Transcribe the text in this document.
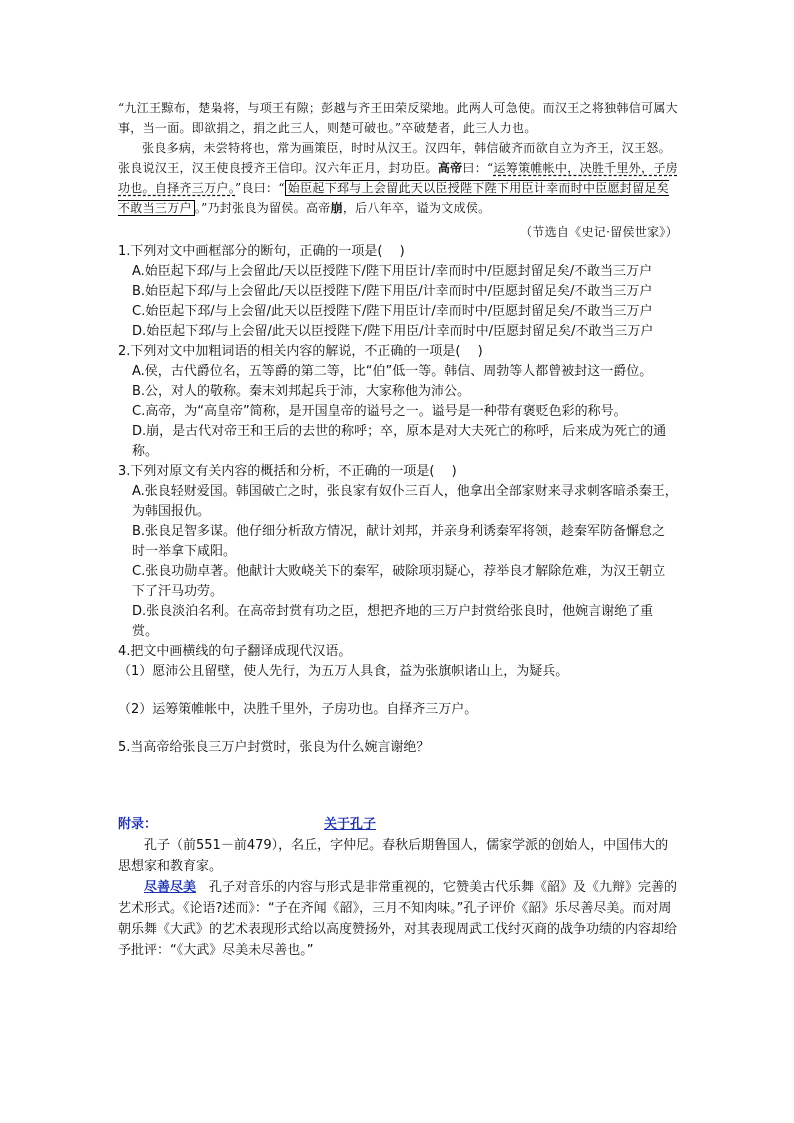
“九江王黥布，楚枭将，与项王有隙；彭越与齐王田荣反梁地。此两人可急使。而汉王之将独韩信可属大事，当一面。即欲捐之，捐之此三人，则楚可破也。”卒破楚者，此三人力也。

张良多病，未尝特将也，常为画策臣，时时从汉王。汉四年，韩信破齐而欲自立为齐王，汉王怒。张良说汉王，汉王使良授齐王信印。汉六年正月，封功臣。高帝曰：“运筹策帷帐中，决胜千里外，子房功也。自择齐三万户。”良曰：“ 始臣起下邳与上会留此天以臣授陛下陛下用臣计幸而时中臣愿封留足矣不敢当三万户 。”乃封张良为留侯。高帝崩，后八年卒，谥为文成侯。

（节选自《史记·留侯世家》）

1.下列对文中画框部分的断句，正确的一项是(　 )

A.始臣起下邳/与上会留此/天以臣授陛下/陛下用臣计/幸而时中/臣愿封留足矣/不敢当三万户
B.始臣起下邳/与上会留此/天以臣授陛下/陛下用臣/计幸而时中/臣愿封留足矣/不敢当三万户
C.始臣起下邳/与上会留/此天以臣授陛下/陛下用臣计/幸而时中/臣愿封留足矣/不敢当三万户
D.始臣起下邳/与上会留/此天以臣授陛下/陛下用臣/计幸而时中/臣愿封留足矣/不敢当三万户

2.下列对文中加粗词语的相关内容的解说，不正确的一项是(　 )

A.侯，古代爵位名，五等爵的第二等，比“伯”低一等。韩信、周勃等人都曾被封这一爵位。
B.公，对人的敬称。秦末刘邦起兵于沛，大家称他为沛公。
C.高帝，为“高皇帝”简称，是开国皇帝的谥号之一。谥号是一种带有褒贬色彩的称号。
D.崩，是古代对帝王和王后的去世的称呼；卒，原本是对大夫死亡的称呼，后来成为死亡的通称。

3.下列对原文有关内容的概括和分析，不正确的一项是(　 )

A.张良轻财爱国。韩国破亡之时，张良家有奴仆三百人，他拿出全部家财来寻求刺客暗杀秦王，为韩国报仇。
B.张良足智多谋。他仔细分析敌方情况，献计刘邦，并亲身利诱秦军将领，趁秦军防备懈怠之时一举拿下咸阳。
C.张良功勋卓著。他献计大败峣关下的秦军，破除项羽疑心，荐举良才解除危难，为汉王朝立下了汗马功劳。
D.张良淡泊名利。在高帝封赏有功之臣，想把齐地的三万户封赏给张良时，他婉言谢绝了重赏。

4.把文中画横线的句子翻译成现代汉语。

（1）愿沛公且留壁，使人先行，为五万人具食，益为张旗帜诸山上，为疑兵。

（2）运筹策帷帐中，决胜千里外，子房功也。自择齐三万户。

5.当高帝给张良三万户封赏时，张良为什么婉言谢绝？

附录：	关于孔子

孔子（前551－前479），名丘，字仲尼。春秋后期鲁国人，儒家学派的创始人，中国伟大的思想家和教育家。

尽善尽美　孔子对音乐的内容与形式是非常重视的，它赞美古代乐舞《韶》及《九辩》完善的艺术形式。《论语?述而》：“子在齐闻《韶》，三月不知肉味。”孔子评价《韶》乐尽善尽美。而对周朝乐舞《大武》的艺术表现形式给以高度赞扬外，对其表现周武工伐纣灭商的战争功绩的内容却给予批评：“《大武》尽美未尽善也。”
